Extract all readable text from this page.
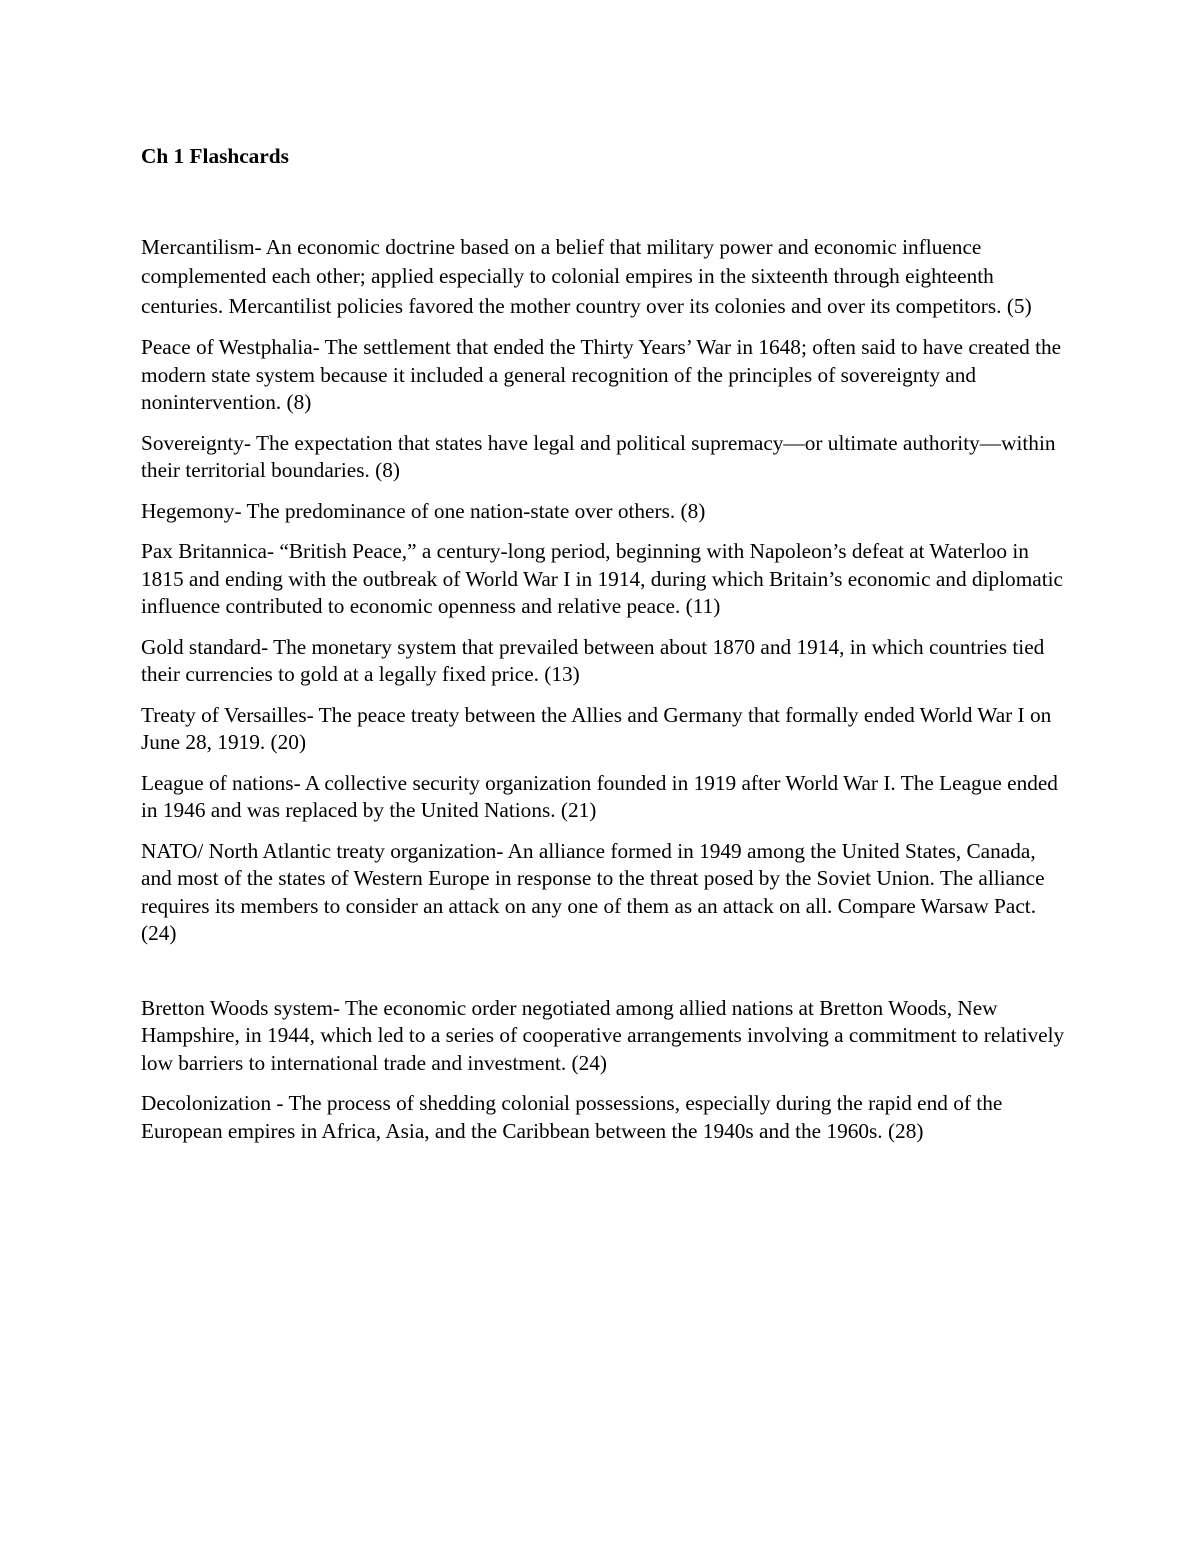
Ch 1 Flashcards

Mercantilism- An economic doctrine based on a belief that military power and economic influence complemented each other; applied especially to colonial empires in the sixteenth through eighteenth centuries. Mercantilist policies favored the mother country over its colonies and over its competitors. (5)

Peace of Westphalia- The settlement that ended the Thirty Years’ War in 1648; often said to have created the modern state system because it included a general recognition of the principles of sovereignty and nonintervention. (8)

Sovereignty- The expectation that states have legal and political supremacy—or ultimate authority—within their territorial boundaries. (8)

Hegemony- The predominance of one nation-state over others. (8)

Pax Britannica- “British Peace,” a century-long period, beginning with Napoleon’s defeat at Waterloo in 1815 and ending with the outbreak of World War I in 1914, during which Britain’s economic and diplomatic influence contributed to economic openness and relative peace. (11)

Gold standard- The monetary system that prevailed between about 1870 and 1914, in which countries tied their currencies to gold at a legally fixed price. (13)

Treaty of Versailles- The peace treaty between the Allies and Germany that formally ended World War I on June 28, 1919. (20)

League of nations- A collective security organization founded in 1919 after World War I. The League ended in 1946 and was replaced by the United Nations. (21)

NATO/ North Atlantic treaty organization- An alliance formed in 1949 among the United States, Canada, and most of the states of Western Europe in response to the threat posed by the Soviet Union. The alliance requires its members to consider an attack on any one of them as an attack on all. Compare Warsaw Pact. (24)

Bretton Woods system- The economic order negotiated among allied nations at Bretton Woods, New Hampshire, in 1944, which led to a series of cooperative arrangements involving a commitment to relatively low barriers to international trade and investment. (24)

Decolonization - The process of shedding colonial possessions, especially during the rapid end of the European empires in Africa, Asia, and the Caribbean between the 1940s and the 1960s. (28)
